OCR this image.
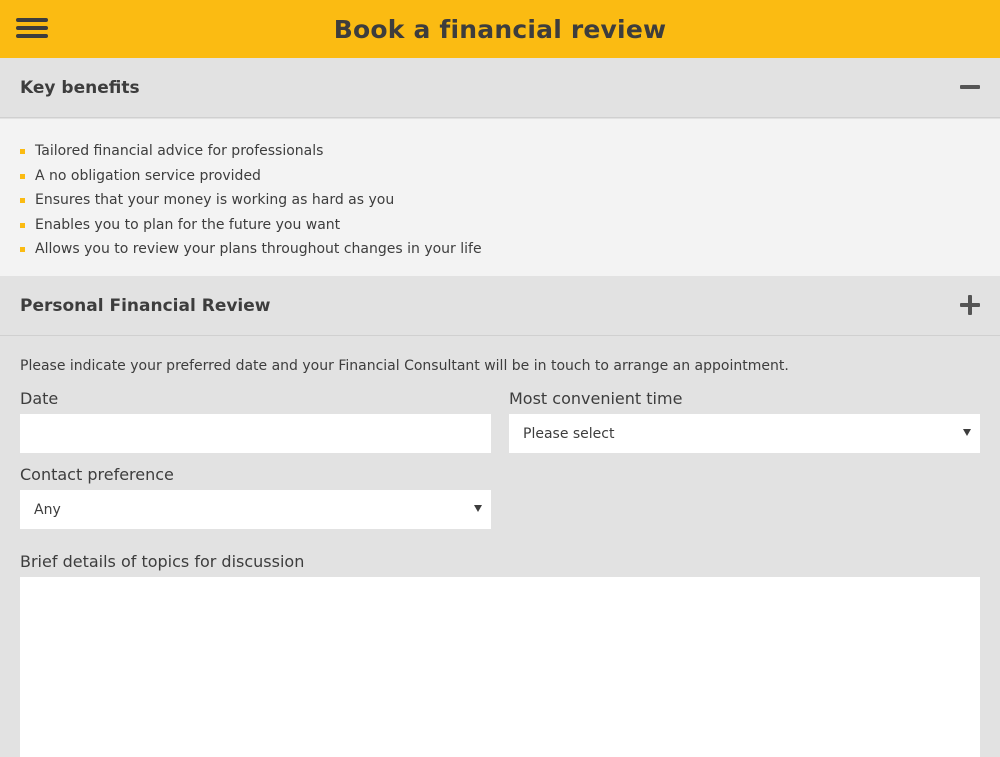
Book a financial review
Key benefits
Tailored financial advice for professionals
A no obligation service provided
Ensures that your money is working as hard as you
Enables you to plan for the future you want
Allows you to review your plans throughout changes in your life
Personal Financial Review
Please indicate your preferred date and your Financial Consultant will be in touch to arrange an appointment.
Date	Most convenient time
Please select
Contact preference
Any
Brief details of topics for discussion
